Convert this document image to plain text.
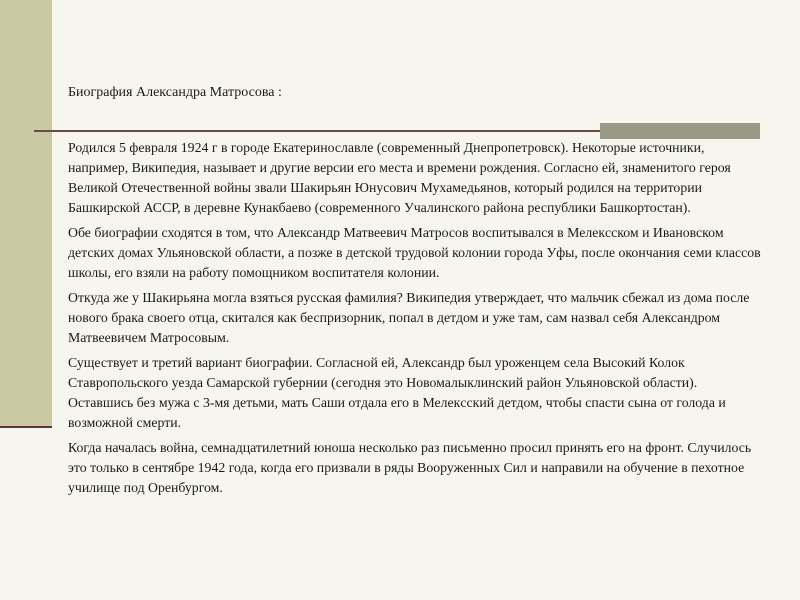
Биография Александра Матросова :

Родился 5 февраля 1924 г в городе Екатеринославле (современный Днепропетровск). Некоторые источники, например, Википедия, называет и другие версии его места и времени рождения. Согласно ей, знаменитого героя Великой Отечественной войны звали Шакирьян Юнусович Мухамедьянов, который родился на территории Башкирской АССР, в деревне Кунакбаево (современного Учалинского района республики Башкортостан).

Обе биографии сходятся в том, что Александр Матвеевич Матросов воспитывался в Мелекcском и Ивановском детских домах Ульяновской области, а позже в детской трудовой колонии города Уфы, после окончания семи классов школы, его взяли на работу помощником воспитателя колонии.

Откуда же у Шакирьяна могла взяться русская фамилия? Википедия утверждает, что мальчик сбежал из дома после нового брака своего отца, скитался как беспризорник, попал в детдом и уже там, сам назвал себя Александром Матвеевичем Матросовым.

Существует и третий вариант биографии. Согласной ей, Александр был уроженцем села Высокий Колок Ставропольского уезда Самарской губернии (сегодня это Новомалыклинский район Ульяновской области). Оставшись без мужа с 3-мя детьми, мать Саши отдала его в Мелекcский детдом, чтобы спасти сына от голода и возможной смерти.

Когда началась война, семнадцатилетний юноша несколько раз письменно просил принять его на фронт. Случилось это только в сентябре 1942 года, когда его призвали в ряды Вооруженных Сил и направили на обучение в пехотное училище под Оренбургом.
